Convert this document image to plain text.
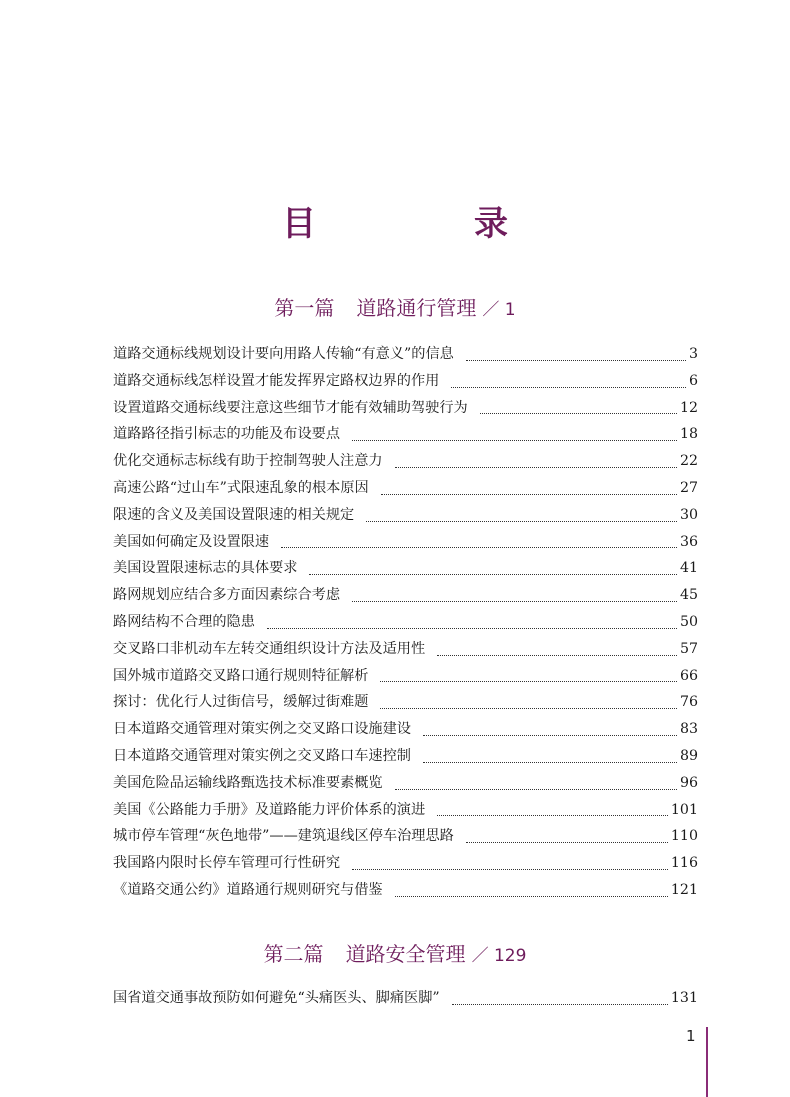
目　录
第一篇 道路通行管理 ／ 1
道路交通标线规划设计要向用路人传输“有意义”的信息	3
道路交通标线怎样设置才能发挥界定路权边界的作用	6
设置道路交通标线要注意这些细节才能有效辅助驾驶行为	12
道路路径指引标志的功能及布设要点	18
优化交通标志标线有助于控制驾驶人注意力	22
高速公路“过山车”式限速乱象的根本原因	27
限速的含义及美国设置限速的相关规定	30
美国如何确定及设置限速	36
美国设置限速标志的具体要求	41
路网规划应结合多方面因素综合考虑	45
路网结构不合理的隐患	50
交叉路口非机动车左转交通组织设计方法及适用性	57
国外城市道路交叉路口通行规则特征解析	66
探讨：优化行人过街信号，缓解过街难题	76
日本道路交通管理对策实例之交叉路口设施建设	83
日本道路交通管理对策实例之交叉路口车速控制	89
美国危险品运输线路甄选技术标准要素概览	96
美国《公路能力手册》及道路能力评价体系的演进	101
城市停车管理“灰色地带”——建筑退线区停车治理思路	110
我国路内限时长停车管理可行性研究	116
《道路交通公约》道路通行规则研究与借鉴	121
第二篇 道路安全管理 ／ 129
国省道交通事故预防如何避免“头痛医头、脚痛医脚”	131
1
